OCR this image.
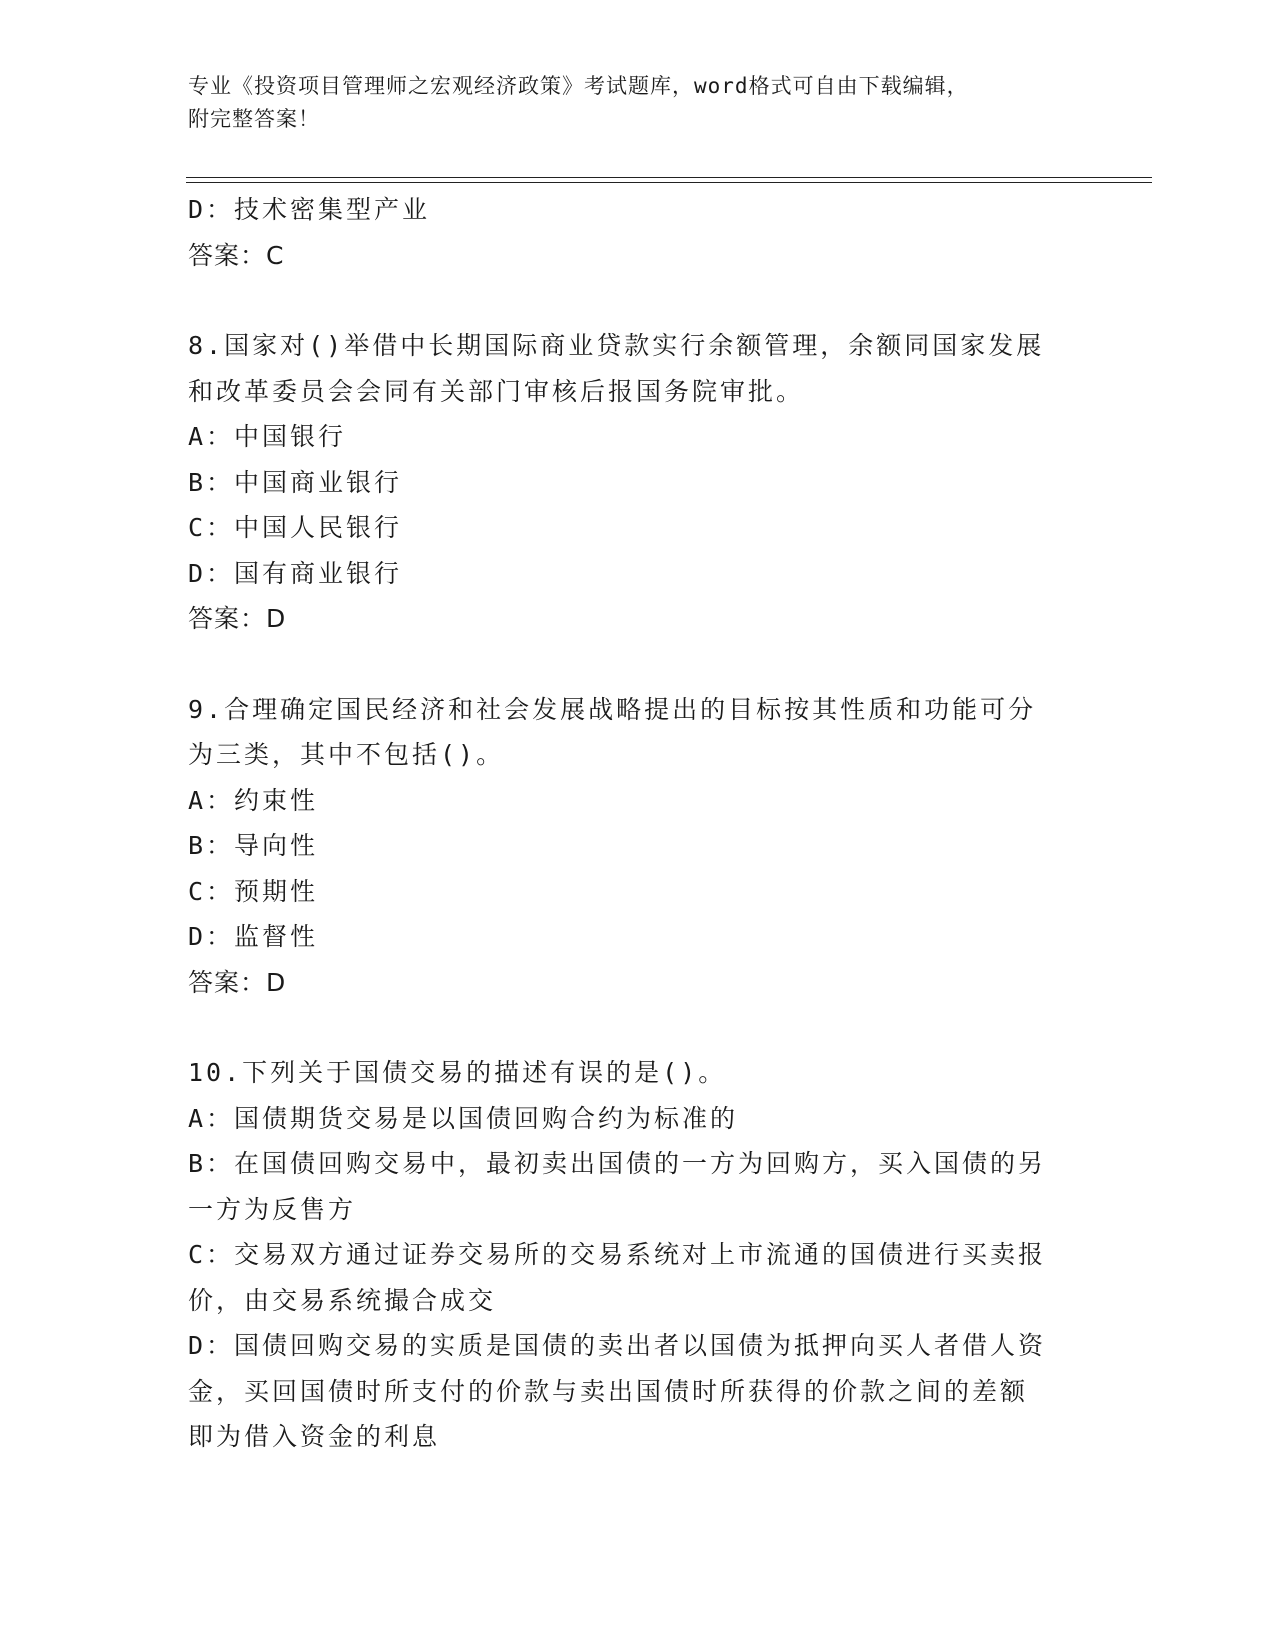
专业《投资项目管理师之宏观经济政策》考试题库，word格式可自由下载编辑，
附完整答案！
D：技术密集型产业
答案：C
8.国家对()举借中长期国际商业贷款实行余额管理，余额同国家发展
和改革委员会会同有关部门审核后报国务院审批。
A：中国银行
B：中国商业银行
C：中国人民银行
D：国有商业银行
答案：D
9.合理确定国民经济和社会发展战略提出的目标按其性质和功能可分
为三类，其中不包括()。
A：约束性
B：导向性
C：预期性
D：监督性
答案：D
10.下列关于国债交易的描述有误的是()。
A：国债期货交易是以国债回购合约为标准的
B：在国债回购交易中，最初卖出国债的一方为回购方，买入国债的另
一方为反售方
C：交易双方通过证券交易所的交易系统对上市流通的国债进行买卖报
价，由交易系统撮合成交
D：国债回购交易的实质是国债的卖出者以国债为抵押向买人者借人资
金，买回国债时所支付的价款与卖出国债时所获得的价款之间的差额
即为借入资金的利息
